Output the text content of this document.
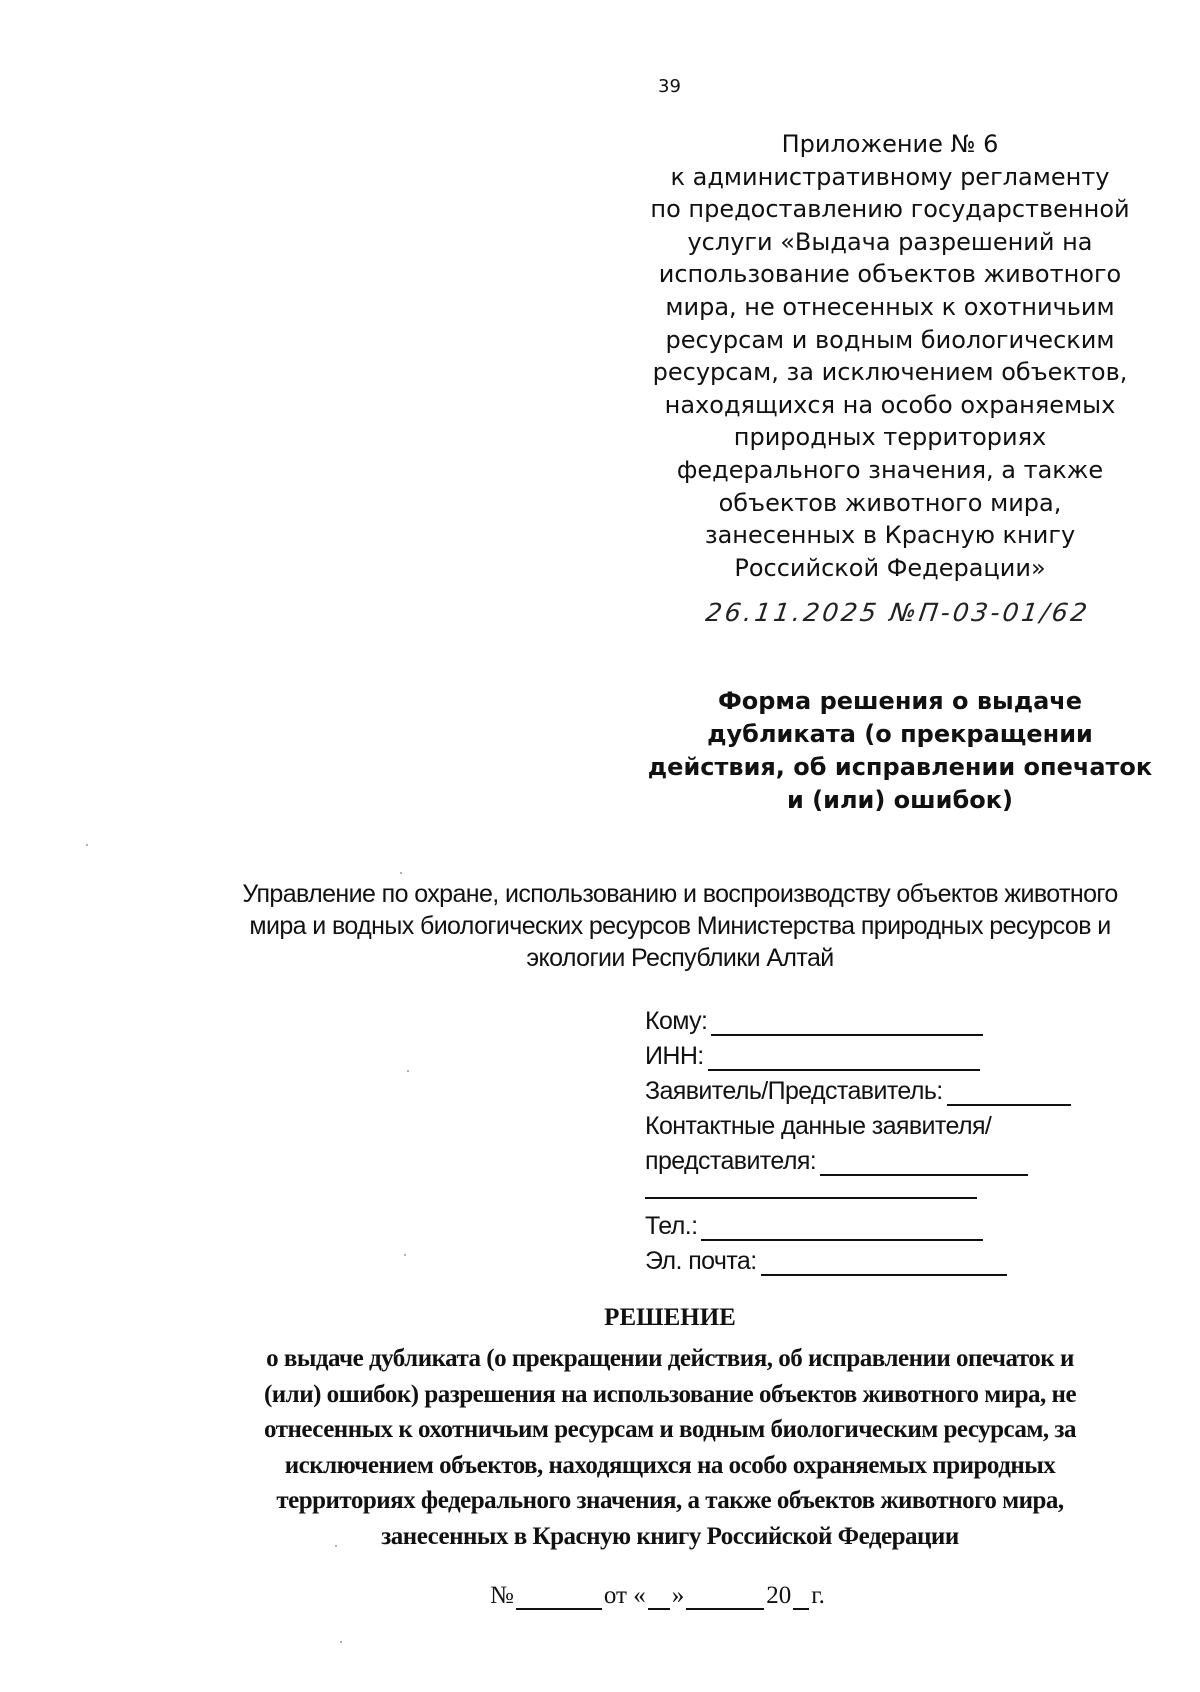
39
Приложение № 6
к административному регламенту
по предоставлению государственной
услуги «Выдача разрешений на
использование объектов животного
мира, не отнесенных к охотничьим
ресурсам и водным биологическим
ресурсам, за исключением объектов,
находящихся на особо охраняемых
природных территориях
федерального значения, а также
объектов животного мира,
занесенных в Красную книгу
Российской Федерации»
26.11.2025 №П-03-01/62
Форма решения о выдаче
дубликата (о прекращении
действия, об исправлении опечаток
и (или) ошибок)
Управление по охране, использованию и воспроизводству объектов животного
мира и водных биологических ресурсов Министерства природных ресурсов и
экологии Республики Алтай
Кому:
ИНН:
Заявитель/Представитель:
Контактные данные заявителя/
представителя:
Тел.:
Эл. почта:
РЕШЕНИЕ
о выдаче дубликата (о прекращении действия, об исправлении опечаток и
(или) ошибок) разрешения на использование объектов животного мира, не
отнесенных к охотничьим ресурсам и водным биологическим ресурсам, за
исключением объектов, находящихся на особо охраняемых природных
территориях федерального значения, а также объектов животного мира,
занесенных в Красную книгу Российской Федерации
№	от « »	20 г.
